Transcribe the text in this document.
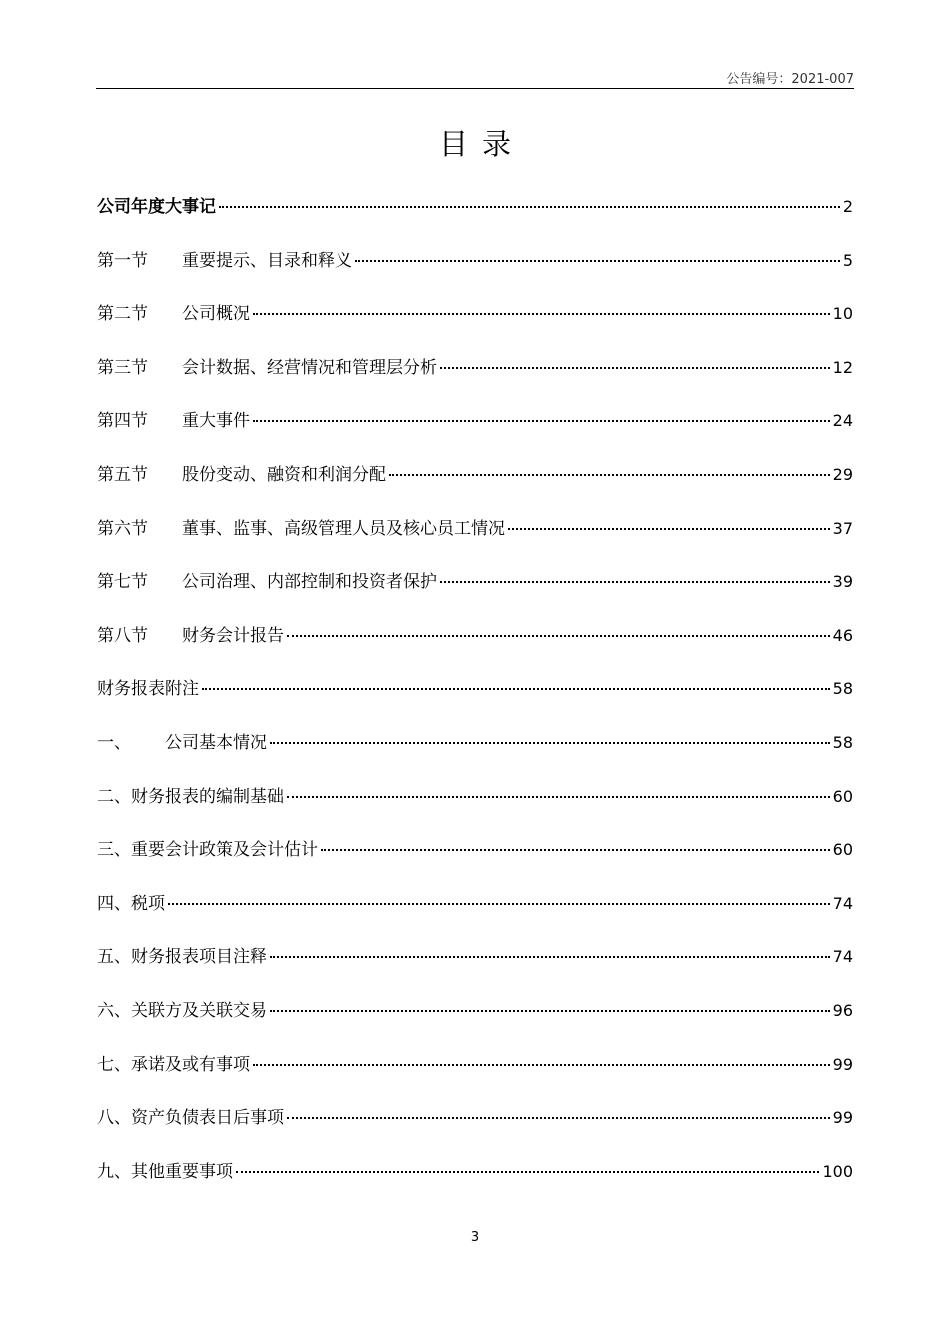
公告编号：2021-007
目录
公司年度大事记	2
第一节 重要提示、目录和释义	5
第二节 公司概况	10
第三节 会计数据、经营情况和管理层分析	12
第四节 重大事件	24
第五节 股份变动、融资和利润分配	29
第六节 董事、监事、高级管理人员及核心员工情况	37
第七节 公司治理、内部控制和投资者保护	39
第八节 财务会计报告	46
财务报表附注	58
一、 公司基本情况	58
二、财务报表的编制基础	60
三、重要会计政策及会计估计	60
四、税项	74
五、财务报表项目注释	74
六、关联方及关联交易	96
七、承诺及或有事项	99
八、资产负债表日后事项	99
九、其他重要事项	100
3
